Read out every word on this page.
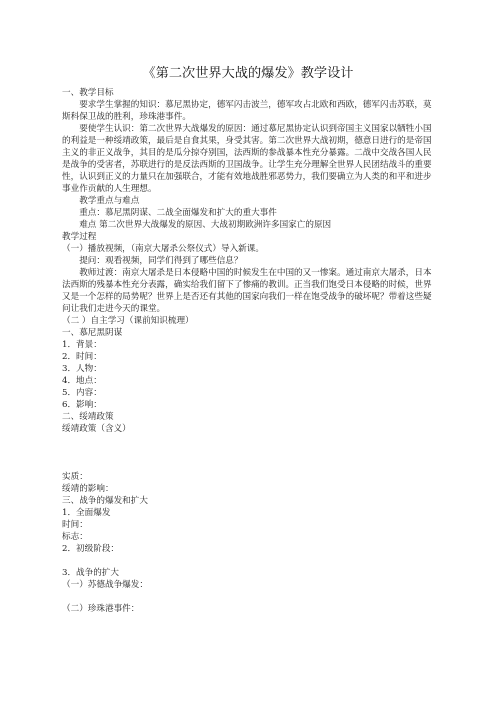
《第二次世界大战的爆发》教学设计

一、教学目标

要求学生掌握的知识：慕尼黑协定，德军闪击波兰，德军攻占北欧和西欧，德军闪击苏联，莫斯科保卫战的胜利，珍珠港事件。

要使学生认识：第二次世界大战爆发的原因：通过慕尼黑协定认识到帝国主义国家以牺牲小国的利益是一种绥靖政策，最后是自食其果，身受其害。第二次世界大战初期，德意日进行的是帝国主义的非正义战争，其目的是瓜分掠夺别国，法西斯的参战暴本性充分暴露。二战中交战各国人民是战争的受害者，苏联进行的是反法西斯的卫国战争。让学生充分理解全世界人民团结战斗的重要性，认识到正义的力量只在加强联合，才能有效地战胜邪恶势力，我们要确立为人类的和平和进步事业作贡献的人生理想。

教学重点与难点

重点：慕尼黑阴谋、二战全面爆发和扩大的重大事件

难点 第二次世界大战爆发的原因、大战初期欧洲许多国家亡的原因

教学过程

（一）播放视频，（南京大屠杀公祭仪式）导入新课。

提问：观看视频，同学们得到了哪些信息？

教师过渡：南京大屠杀是日本侵略中国的时候发生在中国的又一惨案。通过南京大屠杀，日本法西斯的残暴本性充分表露，确实给我们留下了惨痛的教训。正当我们饱受日本侵略的时候，世界又是一个怎样的局势呢？世界上是否还有其他的国家向我们一样在饱受战争的破坏呢？带着这些疑问让我们走进今天的课堂。

（二 ）自主学习（课前知识梳理）

一、慕尼黑阴谋

1．背景：

2．时间：

3．人物：

4．地点：

5．内容：

6．影响：

二、绥靖政策

绥靖政策（含义）

实质：

绥靖的影响：

三、战争的爆发和扩大

1．全面爆发

时间：

标志：

2．初级阶段：

3．战争的扩大

（一）苏德战争爆发：

（二）珍珠港事件：
